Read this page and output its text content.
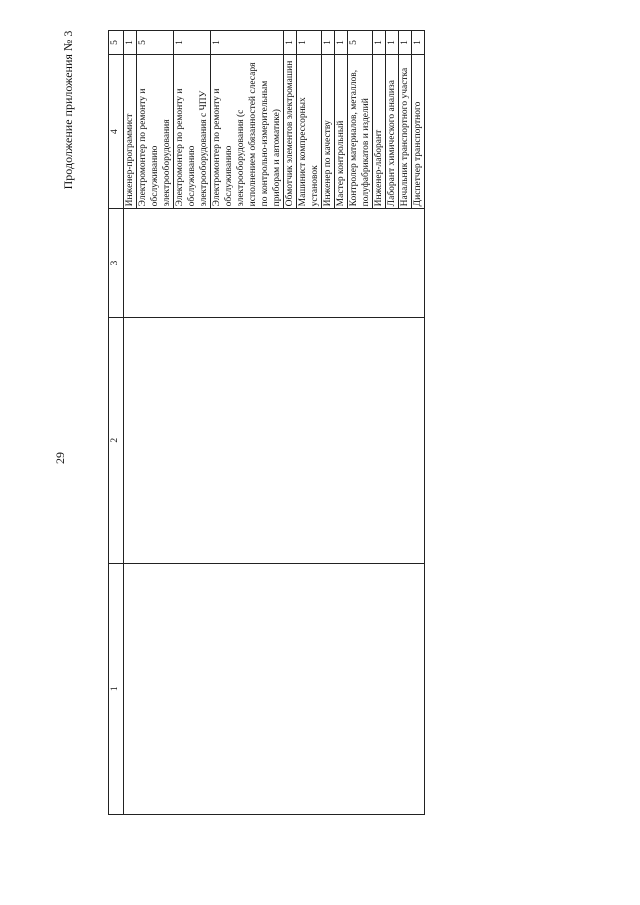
29
Продолжение приложения № 3
1	2	3	4	5
			Инженер-программист	1
			Электромонтер по ремонту и обслуживанию электрооборудования	5
			Электромонтер по ремонту и обслуживанию электрооборудования с ЧПУ	1
			Электромонтер по ремонту и обслуживанию электрооборудования (с исполнением обязанностей слесаря по контрольно-измерительным приборам и автоматике)	1
			Обмотчик элементов электромашин	1
			Машинист компрессорных установок	1
			Инженер по качеству	1
			Мастер контрольный	1
			Контролер материалов, металлов, полуфабрикатов и изделий	5
			Инженер-лаборант	1
			Лаборант химического анализа	1
			Начальник транспортного участка	1
			Диспетчер транспортного	1
